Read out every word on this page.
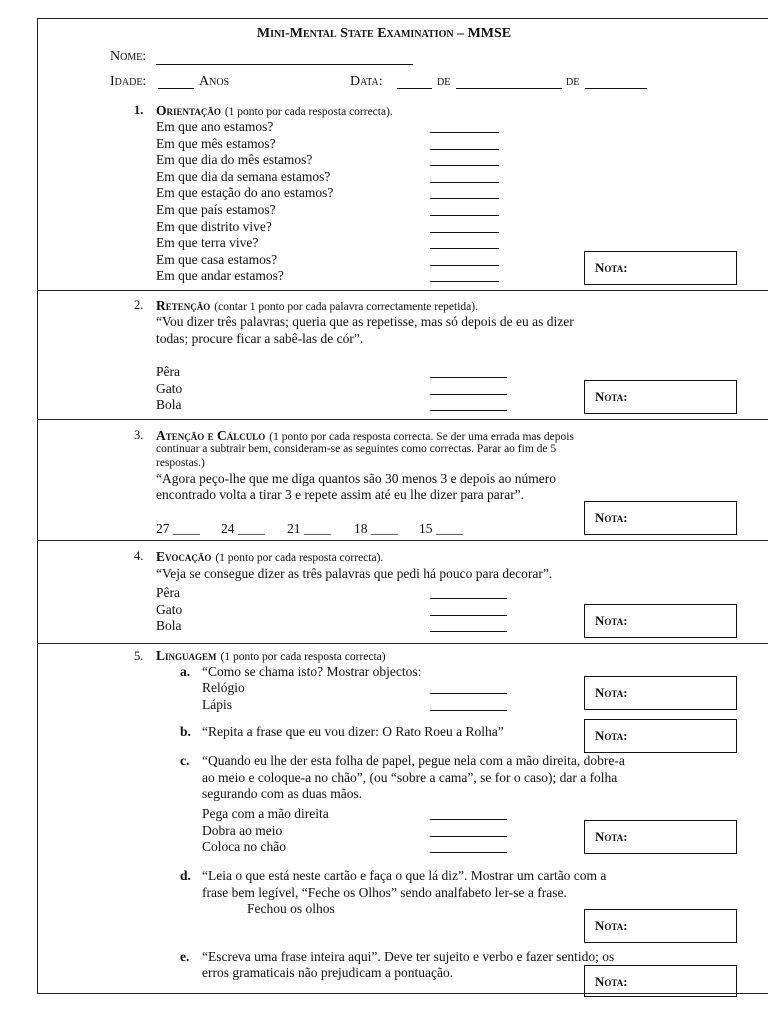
Mini-Mental State Examination – MMSE
Nome:
Idade:	Anos	Data:	de	de
1. Orientação (1 ponto por cada resposta correcta).
Em que ano estamos?
Em que mês estamos?
Em que dia do mês estamos?
Em que dia da semana estamos?
Em que estação do ano estamos?
Em que país estamos?
Em que distrito vive?
Em que terra vive?
Em que casa estamos?
Em que andar estamos?
Nota:
2. Retenção (contar 1 ponto por cada palavra correctamente repetida).
“Vou dizer três palavras; queria que as repetisse, mas só depois de eu as dizer
todas; procure ficar a sabê-las de cór”.
Pêra
Gato
Bola
Nota:
3. Atenção e Cálculo (1 ponto por cada resposta correcta. Se der uma errada mas depois
continuar a subtrair bem, consideram-se as seguintes como correctas. Parar ao fim de 5
respostas.)
“Agora peço-lhe que me diga quantos são 30 menos 3 e depois ao número
encontrado volta a tirar 3 e repete assim até eu lhe dizer para parar”.
27 ____ 24 ____ 21 ____ 18 ____ 15 ____
Nota:
4. Evocação (1 ponto por cada resposta correcta).
“Veja se consegue dizer as três palavras que pedi há pouco para decorar”.
Pêra
Gato
Bola	Nota:
5. Linguagem (1 ponto por cada resposta correcta)
a. “Como se chama isto? Mostrar objectos:
Relógio
Lápis
Nota:
b. “Repita a frase que eu vou dizer: O Rato Roeu a Rolha”	Nota:
c. “Quando eu lhe der esta folha de papel, pegue nela com a mão direita, dobre-a
ao meio e coloque-a no chão”, (ou “sobre a cama”, se for o caso); dar a folha
segurando com as duas mãos.
Pega com a mão direita
Dobra ao meio
Coloca no chão
Nota:
d. “Leia o que está neste cartão e faça o que lá diz”. Mostrar um cartão com a
frase bem legível, “Feche os Olhos” sendo analfabeto ler-se a frase.
Fechou os olhos
Nota:
e. “Escreva uma frase inteira aqui”. Deve ter sujeito e verbo e fazer sentido; os
erros gramaticais não prejudicam a pontuação.
Nota:
